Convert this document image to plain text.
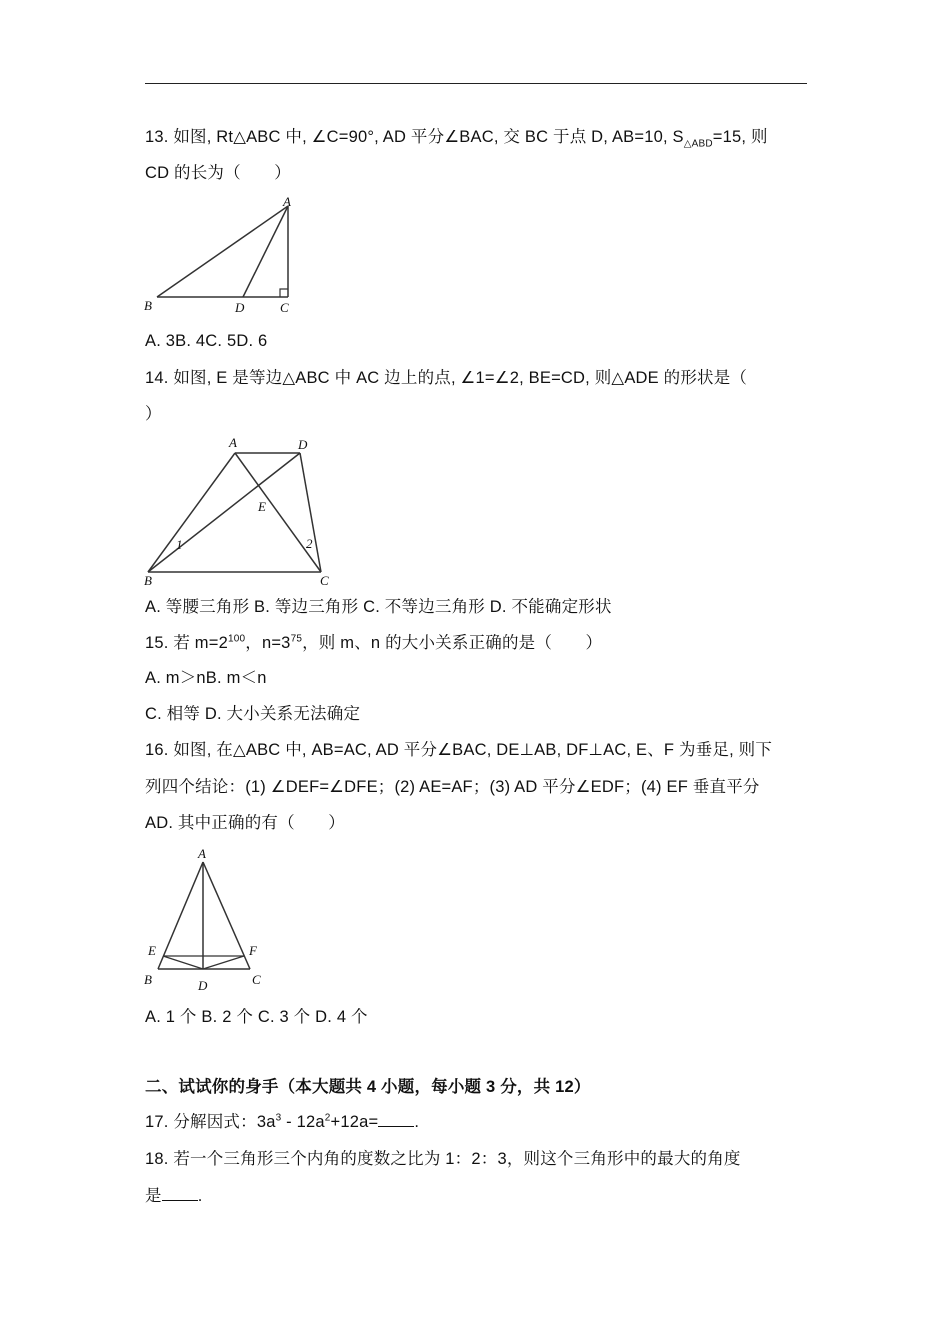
13. 如图, Rt△ABC 中, ∠C=90°, AD 平分∠BAC, 交 BC 于点 D, AB=10, $S_{\triangle ABD}=15$, 则
CD 的长为（　　）
A
B	D	C
A. 3B. 4C. 5D. 6
14. 如图, E 是等边△ABC 中 AC 边上的点, ∠1=∠2, BE=CD, 则△ADE 的形状是（
）
A	D
E
1	2
B	C
A. 等腰三角形 B. 等边三角形 C. 不等边三角形 D. 不能确定形状
15. 若 $m=2^{100}$，$n=3^{75}$，则 m、n 的大小关系正确的是（　　）
A. m＞nB. m＜n
C. 相等 D. 大小关系无法确定
16. 如图, 在△ABC 中, AB=AC, AD 平分∠BAC, DE⊥AB, DF⊥AC, E、F 为垂足, 则下
列四个结论：(1) ∠DEF=∠DFE；(2) AE=AF；(3) AD 平分∠EDF；(4) EF 垂直平分
AD. 其中正确的有（　　）
A
E	F
B	C
D
A. 1 个 B. 2 个 C. 3 个 D. 4 个
二、试试你的身手（本大题共 4 小题，每小题 3 分，共 12）
17. 分解因式：$3a^3 - 12a^2+12a=$ .
18. 若一个三角形三个内角的度数之比为 1：2：3，则这个三角形中的最大的角度
是 .
